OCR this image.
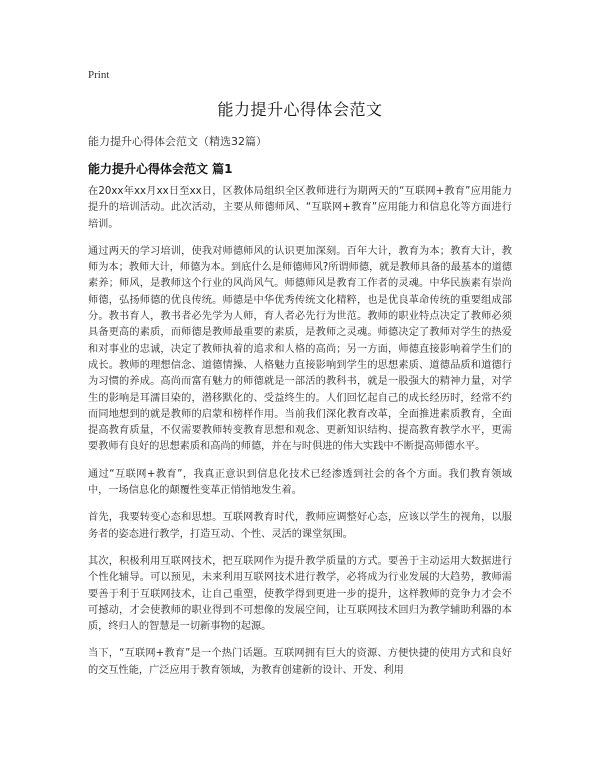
Print
能力提升心得体会范文
能力提升心得体会范文（精选32篇）
能力提升心得体会范文 篇1

在20xx年xx月xx日至xx日，区教体局组织全区教师进行为期两天的“互联网+教育”应用能力提升的培训活动。此次活动，主要从师德师风、“互联网+教育”应用能力和信息化等方面进行培训。

通过两天的学习培训，使我对师德师风的认识更加深刻。百年大计，教育为本；教育大计，教师为本；教师大计，师德为本。到底什么是师德师风?所谓师德，就是教师具备的最基本的道德素养；师风，是教师这个行业的风尚风气。师德师风是教育工作者的灵魂。中华民族素有崇尚师德，弘扬师德的优良传统。师德是中华优秀传统文化精粹，也是优良革命传统的重要组成部分。教书育人，教书者必先学为人师，育人者必先行为世范。教师的职业特点决定了教师必须具备更高的素质，而师德是教师最重要的素质，是教师之灵魂。师德决定了教师对学生的热爱和对事业的忠诚，决定了教师执着的追求和人格的高尚；另一方面，师德直接影响着学生们的成长。教师的理想信念、道德情操、人格魅力直接影响到学生的思想素质、道德品质和道德行为习惯的养成。高尚而富有魅力的师德就是一部活的教科书，就是一股强大的精神力量，对学生的影响是耳濡目染的，潜移默化的、受益终生的。人们回忆起自己的成长经历时，经常不约而同地想到的就是教师的启蒙和榜样作用。当前我们深化教育改革，全面推进素质教育，全面提高教育质量，不仅需要教师转变教育思想和观念、更新知识结构、提高教育教学水平，更需要教师有良好的思想素质和高尚的师德，并在与时俱进的伟大实践中不断提高师德水平。

通过“互联网+教育”，我真正意识到信息化技术已经渗透到社会的各个方面。我们教育领域中，一场信息化的颠覆性变革正悄悄地发生着。

首先，我要转变心态和思想。互联网教育时代，教师应调整好心态，应该以学生的视角，以服务者的姿态进行教学，打造互动、个性、灵活的课堂氛围。

其次，积极利用互联网技术，把互联网作为提升教学质量的方式。要善于主动运用大数据进行个性化辅导。可以预见，未来利用互联网技术进行教学，必将成为行业发展的大趋势，教师需要善于利于互联网技术，让自己重塑，使教学得到更进一步的提升，这样教师的竞争力才会不可撼动，才会使教师的职业得到不可想像的发展空间，让互联网技术回归为教学辅助利器的本质，终归人的智慧是一切新事物的起源。

当下，“互联网+教育”是一个热门话题。互联网拥有巨大的资源、方便快捷的使用方式和良好的交互性能，广泛应用于教育领域，为教育创建新的设计、开发、利用
